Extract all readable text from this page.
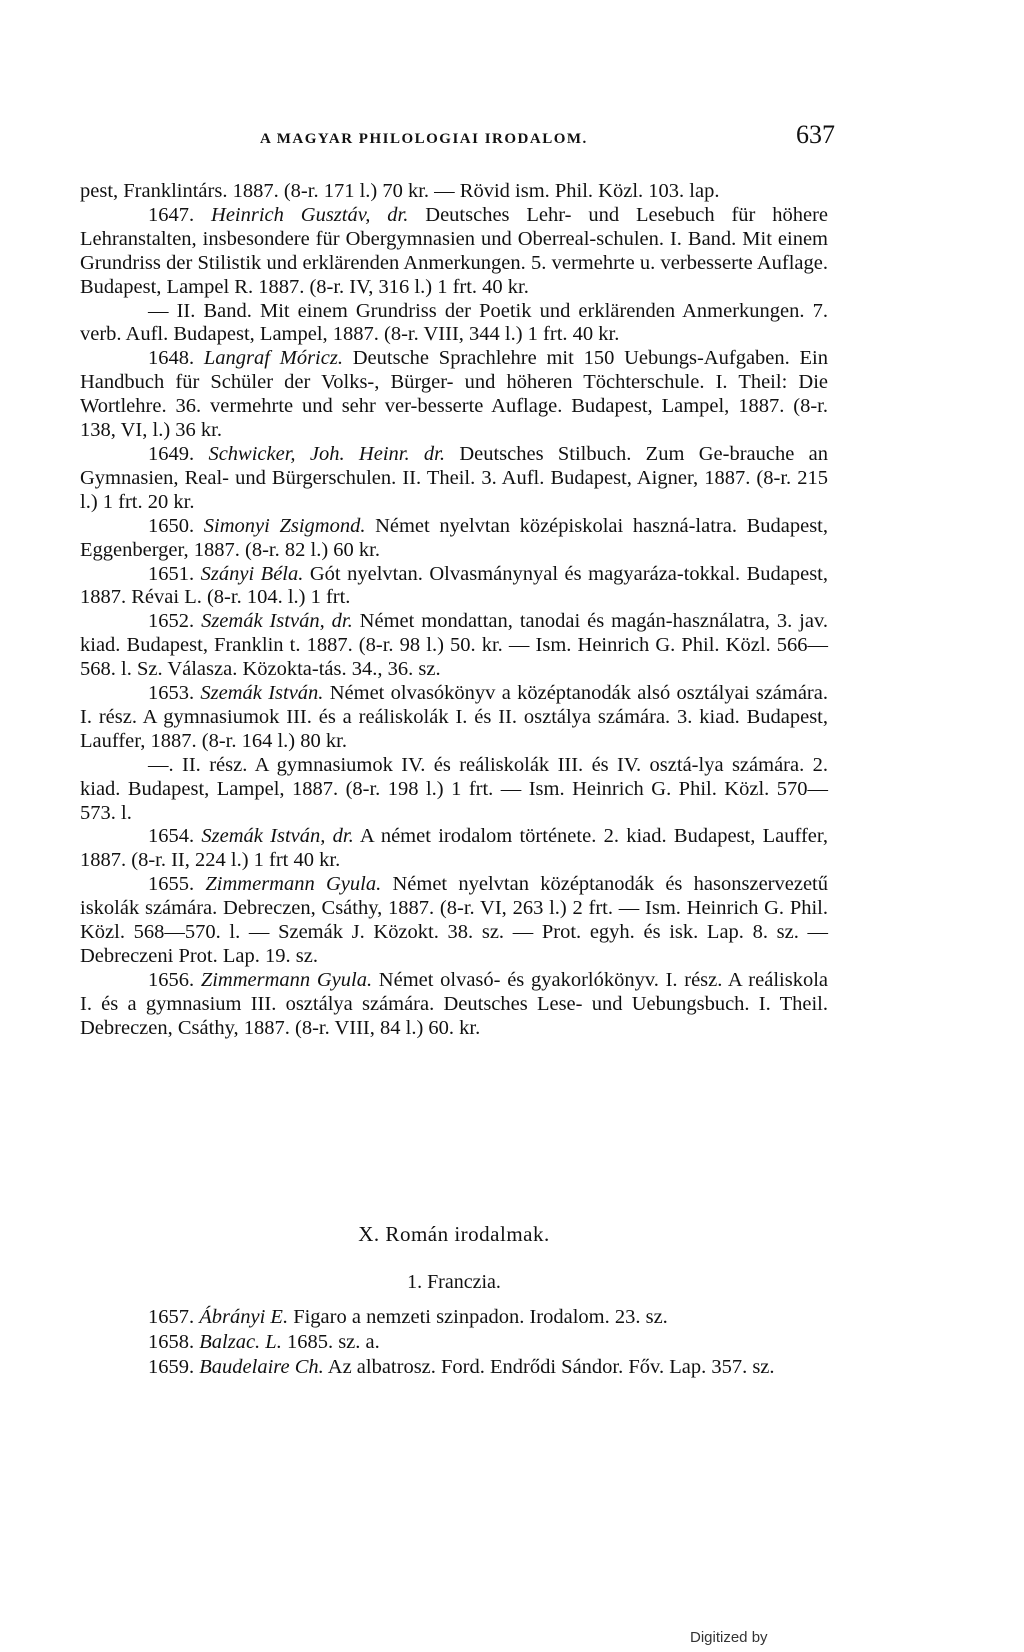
A MAGYAR PHILOLOGIAI IRODALOM.	637

pest, Franklintárs. 1887. (8-r. 171 l.) 70 kr. — Rövid ism. Phil. Közl. 103. lap.

1647. Heinrich Gusztáv, dr. Deutsches Lehr- und Lesebuch für höhere Lehranstalten, insbesondere für Obergymnasien und Oberreal-schulen. I. Band. Mit einem Grundriss der Stilistik und erklärenden Anmerkungen. 5. vermehrte u. verbesserte Auflage. Budapest, Lampel R. 1887. (8-r. IV, 316 l.) 1 frt. 40 kr.

— II. Band. Mit einem Grundriss der Poetik und erklärenden Anmerkungen. 7. verb. Aufl. Budapest, Lampel, 1887. (8-r. VIII, 344 l.) 1 frt. 40 kr.

1648. Langraf Móricz. Deutsche Sprachlehre mit 150 Uebungs-Aufgaben. Ein Handbuch für Schüler der Volks-, Bürger- und höheren Töchterschule. I. Theil: Die Wortlehre. 36. vermehrte und sehr ver-besserte Auflage. Budapest, Lampel, 1887. (8-r. 138, VI, l.) 36 kr.

1649. Schwicker, Joh. Heinr. dr. Deutsches Stilbuch. Zum Ge-brauche an Gymnasien, Real- und Bürgerschulen. II. Theil. 3. Aufl. Budapest, Aigner, 1887. (8-r. 215 l.) 1 frt. 20 kr.

1650. Simonyi Zsigmond. Német nyelvtan középiskolai haszná-latra. Budapest, Eggenberger, 1887. (8-r. 82 l.) 60 kr.

1651. Szányi Béla. Gót nyelvtan. Olvasmánynyal és magyaráza-tokkal. Budapest, 1887. Révai L. (8-r. 104. l.) 1 frt.

1652. Szemák István, dr. Német mondattan, tanodai és magán-használatra, 3. jav. kiad. Budapest, Franklin t. 1887. (8-r. 98 l.) 50. kr. — Ism. Heinrich G. Phil. Közl. 566—568. l. Sz. Válasza. Közokta-tás. 34., 36. sz.

1653. Szemák István. Német olvasókönyv a középtanodák alsó osztályai számára. I. rész. A gymnasiumok III. és a reáliskolák I. és II. osztálya számára. 3. kiad. Budapest, Lauffer, 1887. (8-r. 164 l.) 80 kr.

—. II. rész. A gymnasiumok IV. és reáliskolák III. és IV. osztá-lya számára. 2. kiad. Budapest, Lampel, 1887. (8-r. 198 l.) 1 frt. — Ism. Heinrich G. Phil. Közl. 570—573. l.

1654. Szemák István, dr. A német irodalom története. 2. kiad. Budapest, Lauffer, 1887. (8-r. II, 224 l.) 1 frt 40 kr.

1655. Zimmermann Gyula. Német nyelvtan középtanodák és hasonszervezetű iskolák számára. Debreczen, Csáthy, 1887. (8-r. VI, 263 l.) 2 frt. — Ism. Heinrich G. Phil. Közl. 568—570. l. — Szemák J. Közokt. 38. sz. — Prot. egyh. és isk. Lap. 8. sz. — Debreczeni Prot. Lap. 19. sz.

1656. Zimmermann Gyula. Német olvasó- és gyakorlókönyv. I. rész. A reáliskola I. és a gymnasium III. osztálya számára. Deutsches Lese- und Uebungsbuch. I. Theil. Debreczen, Csáthy, 1887. (8-r. VIII, 84 l.) 60. kr.

X. Román irodalmak.
1. Franczia.

1657. Ábrányi E. Figaro a nemzeti szinpadon. Irodalom. 23. sz.

1658. Balzac. L. 1685. sz. a.

1659. Baudelaire Ch. Az albatrosz. Ford. Endrődi Sándor. Főv. Lap. 357. sz.

Digitized by
